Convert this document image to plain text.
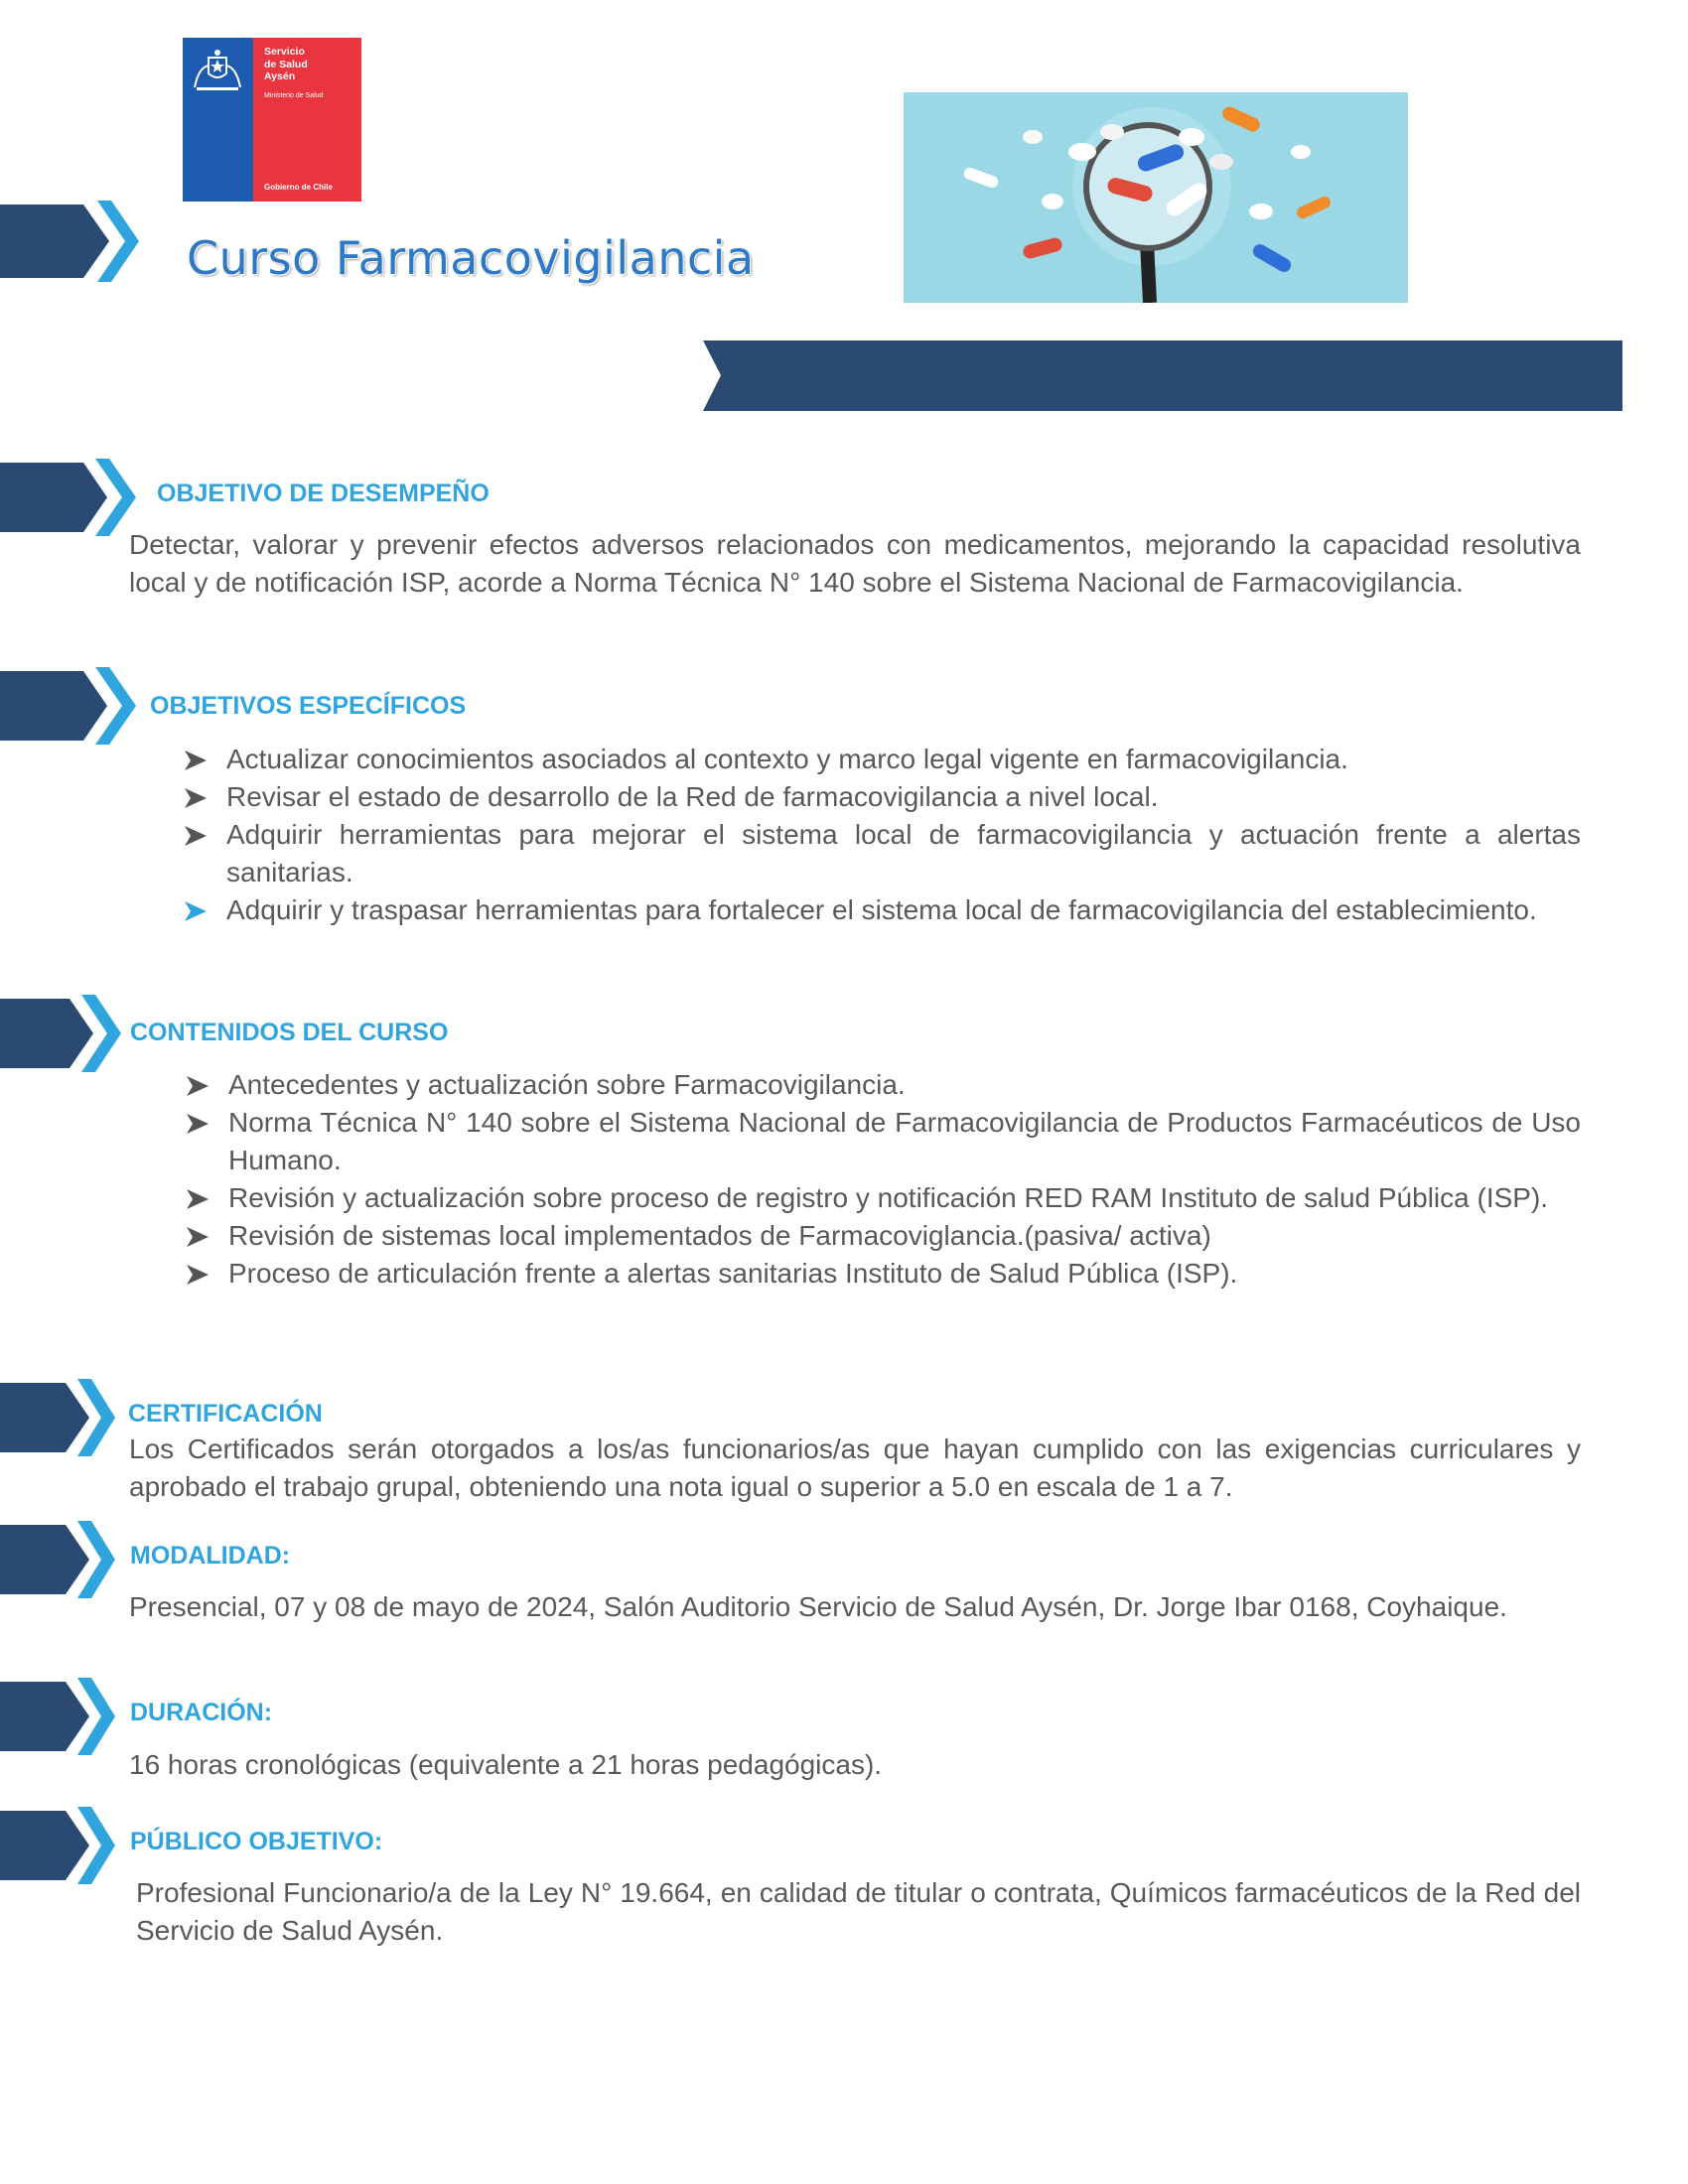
Servicio
de Salud
Aysén
Ministerio de Salud
Gobierno de Chile
Curso Farmacovigilancia
OBJETIVO DE DESEMPEÑO

Detectar, valorar y prevenir efectos adversos relacionados con medicamentos, mejorando la capacidad resolutiva local y de notificación ISP, acorde a Norma Técnica N° 140 sobre el Sistema Nacional de Farmacovigilancia.

OBJETIVOS ESPECÍFICOS
Actualizar conocimientos asociados al contexto y marco legal vigente en farmacovigilancia.
Revisar el estado de desarrollo de la Red de farmacovigilancia a nivel local.
Adquirir herramientas para mejorar el sistema local de farmacovigilancia y actuación frente a alertas sanitarias.
Adquirir y traspasar herramientas para fortalecer el sistema local de farmacovigilancia del establecimiento.
CONTENIDOS DEL CURSO
Antecedentes y actualización sobre Farmacovigilancia.
Norma Técnica N° 140 sobre el Sistema Nacional de Farmacovigilancia de Productos Farmacéuticos de Uso Humano.
Revisión y actualización sobre proceso de registro y notificación RED RAM Instituto de salud Pública (ISP).
Revisión de sistemas local implementados de Farmacoviglancia.(pasiva/ activa)
Proceso de articulación frente a alertas sanitarias Instituto de Salud Pública (ISP).
CERTIFICACIÓN

Los Certificados serán otorgados a los/as funcionarios/as que hayan cumplido con las exigencias curriculares y aprobado el trabajo grupal, obteniendo una nota igual o superior a 5.0 en escala de 1 a 7.

MODALIDAD:

Presencial, 07 y 08 de mayo de 2024, Salón Auditorio Servicio de Salud Aysén, Dr. Jorge Ibar 0168, Coyhaique.

DURACIÓN:

16 horas cronológicas (equivalente a 21 horas pedagógicas).

PÚBLICO OBJETIVO:

Profesional Funcionario/a de la Ley N° 19.664, en calidad de titular o contrata, Químicos farmacéuticos de la Red del Servicio de Salud Aysén.
